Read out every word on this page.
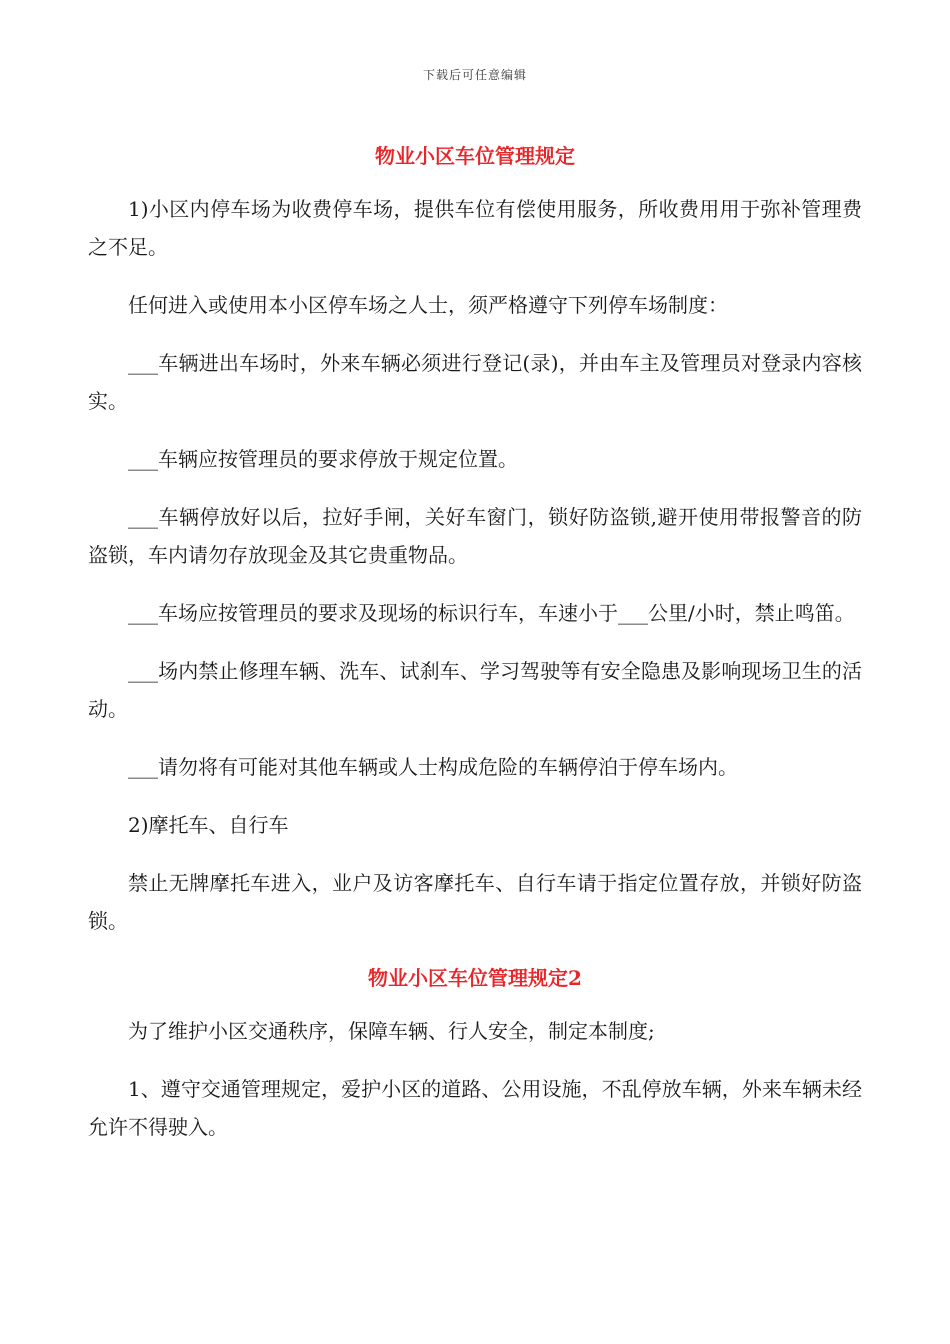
下载后可任意编辑
物业小区车位管理规定

1)小区内停车场为收费停车场，提供车位有偿使用服务，所收费用用于弥补管理费之不足。

任何进入或使用本小区停车场之人士，须严格遵守下列停车场制度：

___车辆进出车场时，外来车辆必须进行登记(录)，并由车主及管理员对登录内容核实。

___车辆应按管理员的要求停放于规定位置。

___车辆停放好以后，拉好手闸，关好车窗门，锁好防盗锁,避开使用带报警音的防盗锁，车内请勿存放现金及其它贵重物品。

___车场应按管理员的要求及现场的标识行车，车速小于___公里/小时，禁止鸣笛。

___场内禁止修理车辆、洗车、试刹车、学习驾驶等有安全隐患及影响现场卫生的活动。

___请勿将有可能对其他车辆或人士构成危险的车辆停泊于停车场内。

2)摩托车、自行车

禁止无牌摩托车进入，业户及访客摩托车、自行车请于指定位置存放，并锁好防盗锁。

物业小区车位管理规定2

为了维护小区交通秩序，保障车辆、行人安全，制定本制度;

1、遵守交通管理规定，爱护小区的道路、公用设施，不乱停放车辆，外来车辆未经允许不得驶入。
